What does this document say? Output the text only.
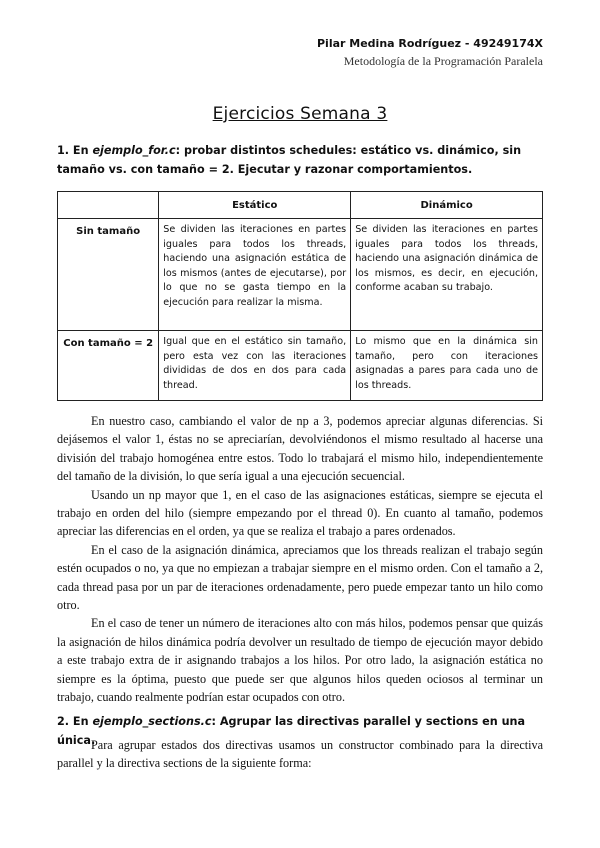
Pilar Medina Rodríguez - 49249174X
Metodología de la Programación Paralela
Ejercicios Semana 3
1. En ejemplo_for.c: probar distintos schedules: estático vs. dinámico, sin tamaño vs. con tamaño = 2. Ejecutar y razonar comportamientos.
	Estático	Dinámico
Sin tamaño	Se dividen las iteraciones en partes iguales para todos los threads, haciendo una asignación estática de los mismos (antes de ejecutarse), por lo que no se gasta tiempo en la ejecución para realizar la misma.	Se dividen las iteraciones en partes iguales para todos los threads, haciendo una asignación dinámica de los mismos, es decir, en ejecución, conforme acaban su trabajo.
Con tamaño = 2	Igual que en el estático sin tamaño, pero esta vez con las iteraciones divididas de dos en dos para cada thread.	Lo mismo que en la dinámica sin tamaño, pero con iteraciones asignadas a pares para cada uno de los threads.

En nuestro caso, cambiando el valor de np a 3, podemos apreciar algunas diferencias. Si dejásemos el valor 1, éstas no se apreciarían, devolviéndonos el mismo resultado al hacerse una división del trabajo homogénea entre estos. Todo lo trabajará el mismo hilo, independientemente del tamaño de la división, lo que sería igual a una ejecución secuencial.

Usando un np mayor que 1, en el caso de las asignaciones estáticas, siempre se ejecuta el trabajo en orden del hilo (siempre empezando por el thread 0). En cuanto al tamaño, podemos apreciar las diferencias en el orden, ya que se realiza el trabajo a pares ordenados.

En el caso de la asignación dinámica, apreciamos que los threads realizan el trabajo según estén ocupados o no, ya que no empiezan a trabajar siempre en el mismo orden. Con el tamaño a 2, cada thread pasa por un par de iteraciones ordenadamente, pero puede empezar tanto un hilo como otro.

En el caso de tener un número de iteraciones alto con más hilos, podemos pensar que quizás la asignación de hilos dinámica podría devolver un resultado de tiempo de ejecución mayor debido a este trabajo extra de ir asignando trabajos a los hilos. Por otro lado, la asignación estática no siempre es la óptima, puesto que puede ser que algunos hilos queden ociosos al terminar un trabajo, cuando realmente podrían estar ocupados con otro.

2. En ejemplo_sections.c: Agrupar las directivas parallel y sections en una única.

Para agrupar estados dos directivas usamos un constructor combinado para la directiva parallel y la directiva sections de la siguiente forma:
